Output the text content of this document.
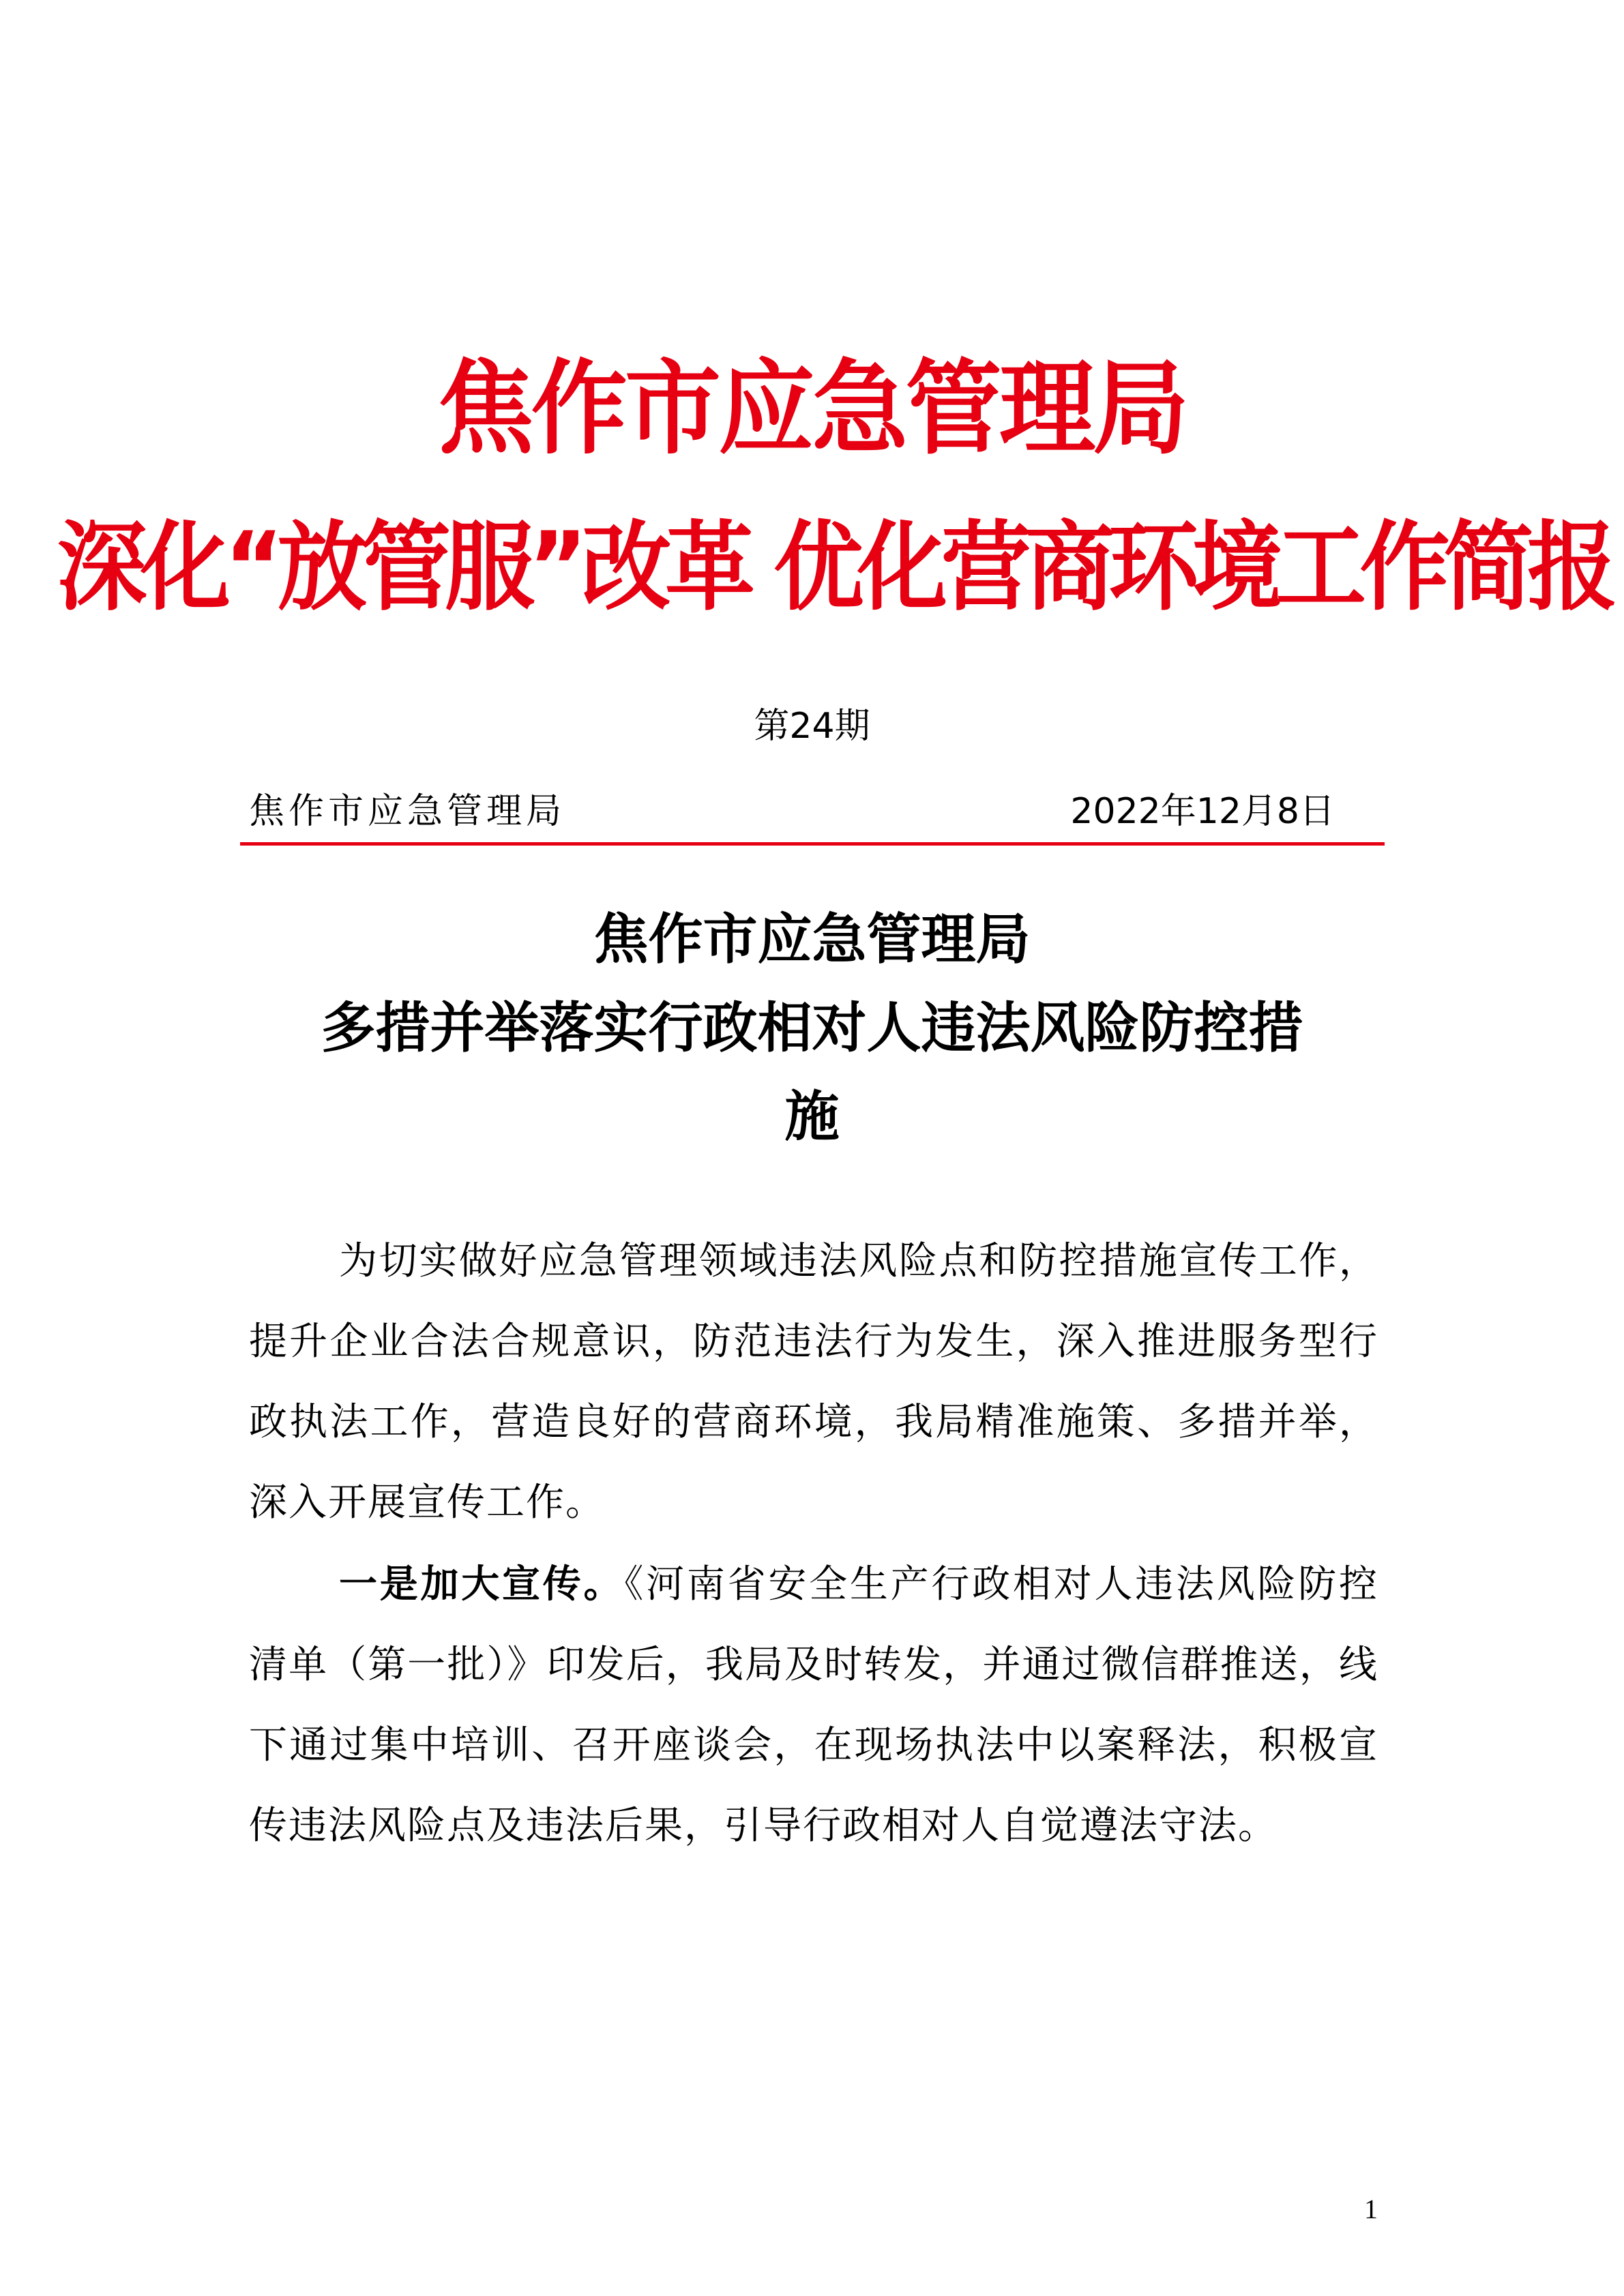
焦作市应急管理局
深化“放管服”改革 优化营商环境工作简报
第24期
焦作市应急管理局	2022年12月8日
焦作市应急管理局
多措并举落实行政相对人违法风险防控措
施

为切实做好应急管理领域违法风险点和防控措施宣传工作，提升企业合法合规意识，防范违法行为发生，深入推进服务型行政执法工作，营造良好的营商环境，我局精准施策、多措并举，深入开展宣传工作。

一是加大宣传。《河南省安全生产行政相对人违法风险防控清单（第一批）》印发后，我局及时转发，并通过微信群推送，线下通过集中培训、召开座谈会，在现场执法中以案释法，积极宣传违法风险点及违法后果，引导行政相对人自觉遵法守法。

1
